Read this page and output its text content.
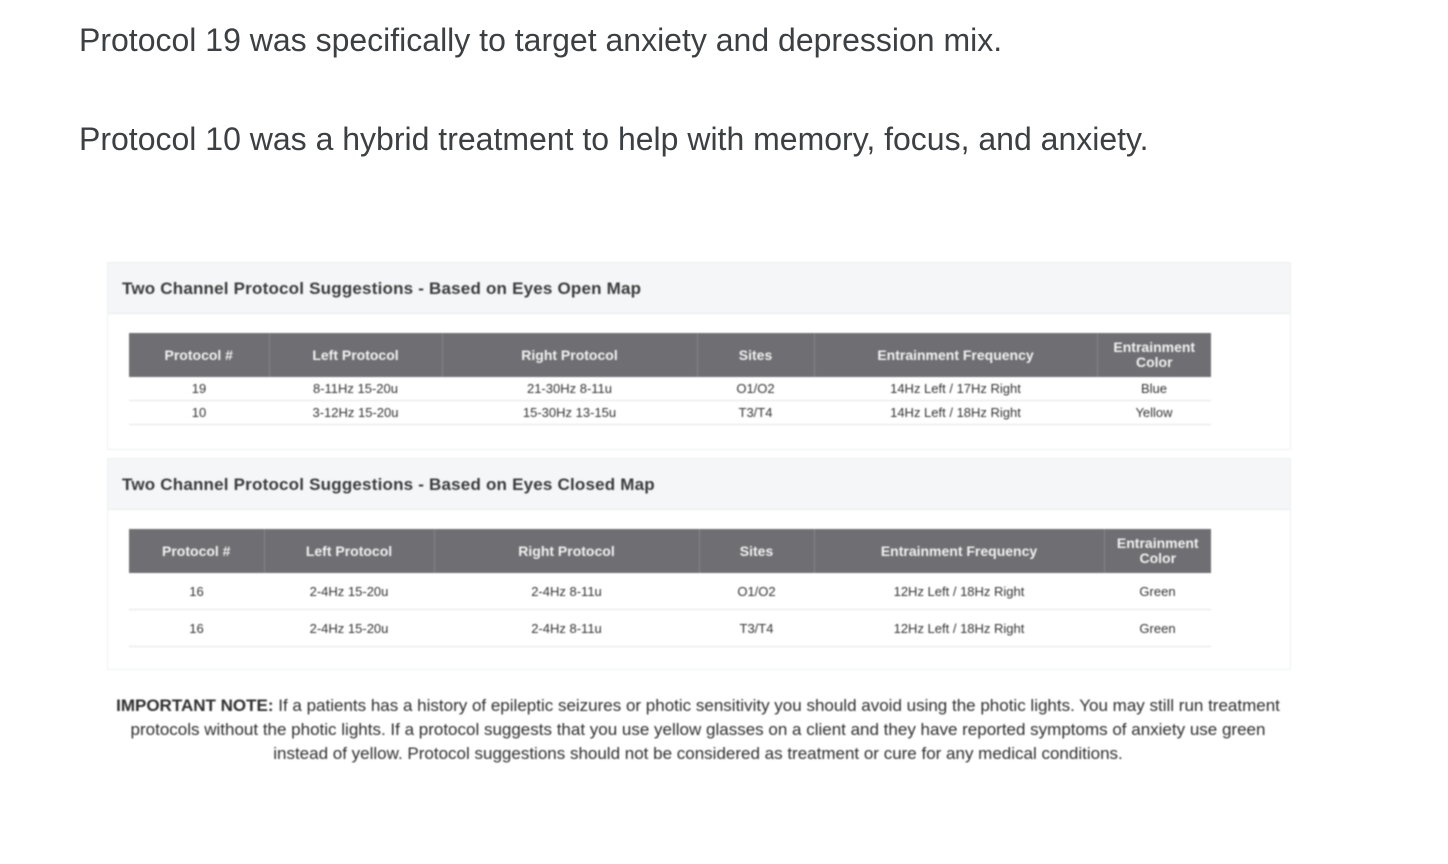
Protocol 19 was specifically to target anxiety and depression mix.

Protocol 10 was a hybrid treatment to help with memory, focus, and anxiety.

Two Channel Protocol Suggestions - Based on Eyes Open Map
Protocol #	Left Protocol	Right Protocol	Sites	Entrainment Frequency	Entrainment Color
19	8-11Hz 15-20u	21-30Hz 8-11u	O1/O2	14Hz Left / 17Hz Right	Blue
10	3-12Hz 15-20u	15-30Hz 13-15u	T3/T4	14Hz Left / 18Hz Right	Yellow
Two Channel Protocol Suggestions - Based on Eyes Closed Map
Protocol #	Left Protocol	Right Protocol	Sites	Entrainment Frequency	Entrainment Color
16	2-4Hz 15-20u	2-4Hz 8-11u	O1/O2	12Hz Left / 18Hz Right	Green
16	2-4Hz 15-20u	2-4Hz 8-11u	T3/T4	12Hz Left / 18Hz Right	Green

IMPORTANT NOTE: If a patients has a history of epileptic seizures or photic sensitivity you should avoid using the photic lights. You may still run treatment protocols without the photic lights. If a protocol suggests that you use yellow glasses on a client and they have reported symptoms of anxiety use green instead of yellow. Protocol suggestions should not be considered as treatment or cure for any medical conditions.
